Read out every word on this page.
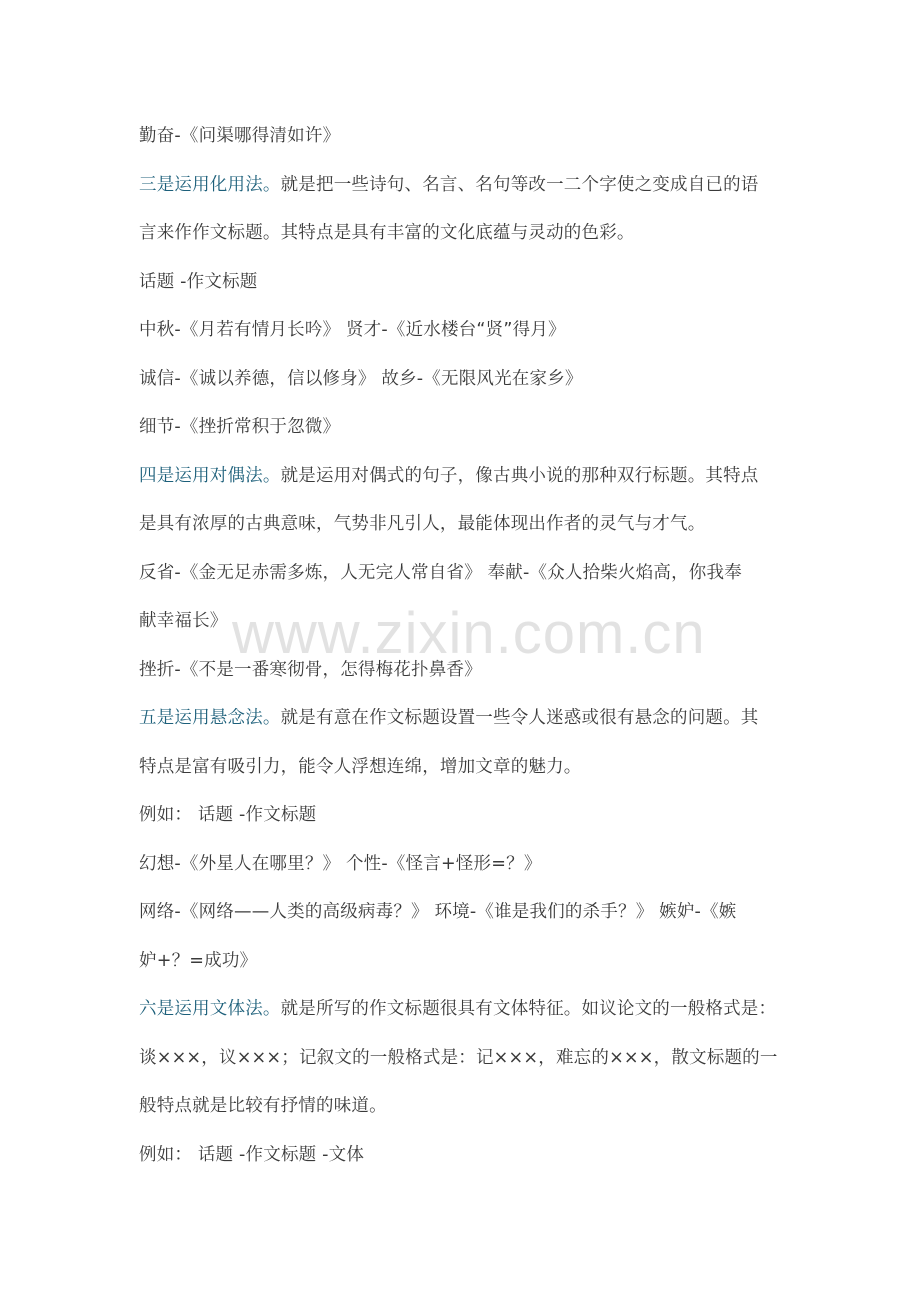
勤奋-《问渠哪得清如许》
三是运用化用法。就是把一些诗句、名言、名句等改一二个字使之变成自已的语
言来作作文标题。其特点是具有丰富的文化底蕴与灵动的色彩。
话题 -作文标题
中秋-《月若有情月长吟》 贤才-《近水楼台“贤”得月》
诚信-《诚以养德，信以修身》 故乡-《无限风光在家乡》
细节-《挫折常积于忽微》
四是运用对偶法。就是运用对偶式的句子，像古典小说的那种双行标题。其特点
是具有浓厚的古典意味，气势非凡引人，最能体现出作者的灵气与才气。
反省-《金无足赤需多炼，人无完人常自省》 奉献-《众人拾柴火焰高，你我奉
献幸福长》
挫折-《不是一番寒彻骨，怎得梅花扑鼻香》
五是运用悬念法。就是有意在作文标题设置一些令人迷惑或很有悬念的问题。其
特点是富有吸引力，能令人浮想连绵，增加文章的魅力。
例如： 话题 -作文标题
幻想-《外星人在哪里？》 个性-《怪言+怪形=？》
网络-《网络——人类的高级病毒？》 环境-《谁是我们的杀手？》 嫉妒-《嫉
妒+？=成功》
六是运用文体法。就是所写的作文标题很具有文体特征。如议论文的一般格式是：
谈×××，议×××；记叙文的一般格式是：记×××，难忘的×××，散文标题的一
般特点就是比较有抒情的味道。
例如： 话题 -作文标题 -文体
www.zixin.com.cn
